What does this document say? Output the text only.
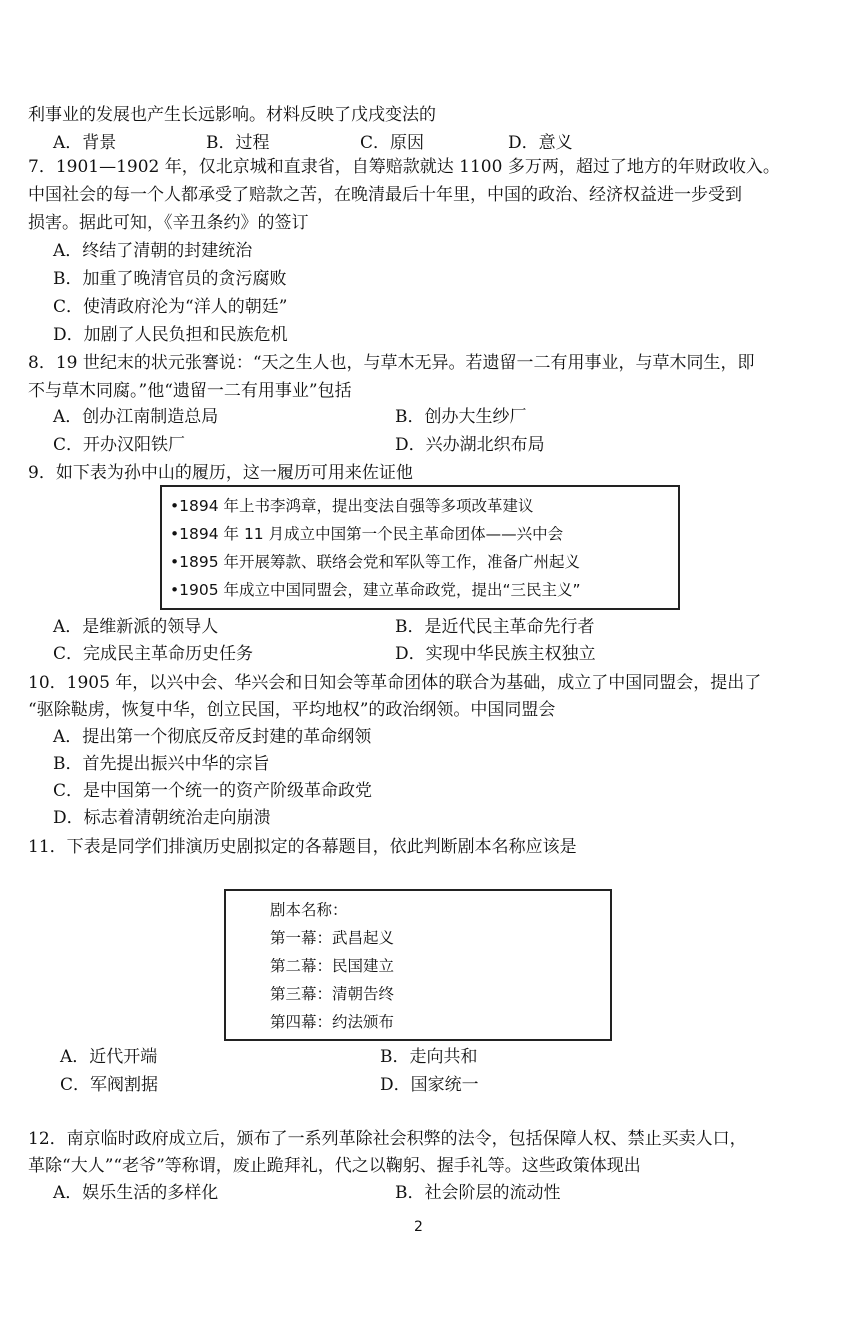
利事业的发展也产生长远影响。材料反映了戊戌变法的
A．背景	B．过程	C．原因	D．意义
7．1901—1902 年，仅北京城和直隶省，自筹赔款就达 1100 多万两，超过了地方的年财政收入。
中国社会的每一个人都承受了赔款之苦，在晚清最后十年里，中国的政治、经济权益进一步受到
损害。据此可知，《辛丑条约》的签订
A．终结了清朝的封建统治
B．加重了晚清官员的贪污腐败
C．使清政府沦为“洋人的朝廷”
D．加剧了人民负担和民族危机
8．19 世纪末的状元张謇说：“天之生人也，与草木无异。若遗留一二有用事业，与草木同生，即
不与草木同腐。”他“遗留一二有用事业”包括
A．创办江南制造总局	B．创办大生纱厂
C．开办汉阳铁厂	D．兴办湖北织布局
9．如下表为孙中山的履历，这一履历可用来佐证他
•1894 年上书李鸿章，提出变法自强等多项改革建议
•1894 年 11 月成立中国第一个民主革命团体——兴中会
•1895 年开展筹款、联络会党和军队等工作，准备广州起义
•1905 年成立中国同盟会，建立革命政党，提出“三民主义”
A．是维新派的领导人	B．是近代民主革命先行者
C．完成民主革命历史任务	D．实现中华民族主权独立
10．1905 年，以兴中会、华兴会和日知会等革命团体的联合为基础，成立了中国同盟会，提出了
“驱除鞑虏，恢复中华，创立民国，平均地权”的政治纲领。中国同盟会
A．提出第一个彻底反帝反封建的革命纲领
B．首先提出振兴中华的宗旨
C．是中国第一个统一的资产阶级革命政党
D．标志着清朝统治走向崩溃
11．下表是同学们排演历史剧拟定的各幕题目，依此判断剧本名称应该是
剧本名称：
第一幕：武昌起义
第二幕：民国建立
第三幕：清朝告终
第四幕：约法颁布
A．近代开端	B．走向共和
C．军阀割据	D．国家统一
12．南京临时政府成立后，颁布了一系列革除社会积弊的法令，包括保障人权、禁止买卖人口，
革除“大人”“老爷”等称谓，废止跪拜礼，代之以鞠躬、握手礼等。这些政策体现出
A．娱乐生活的多样化	B．社会阶层的流动性
2
